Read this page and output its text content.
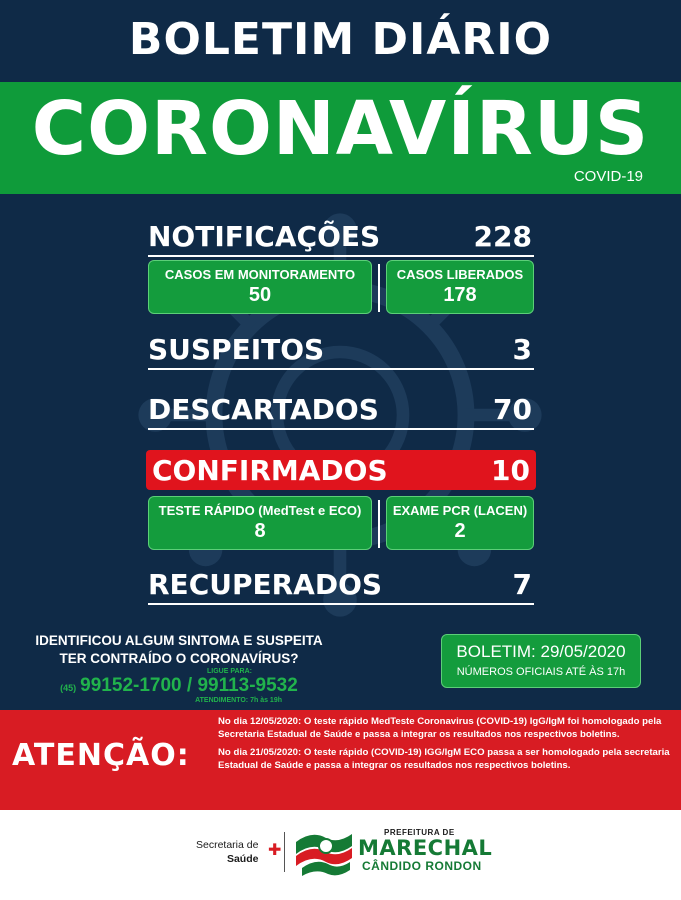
BOLETIM DIÁRIO
CORONAVÍRUS
COVID-19
NOTIFICAÇÕES	228
CASOS EM MONITORAMENTO
50
CASOS LIBERADOS
178
SUSPEITOS	3
DESCARTADOS	70
CONFIRMADOS	10
TESTE RÁPIDO (MedTest e ECO)
8
EXAME PCR (LACEN)
2
RECUPERADOS	7
IDENTIFICOU ALGUM SINTOMA E SUSPEITA
TER CONTRAÍDO O CORONAVÍRUS?
LIGUE PARA:
(45) 99152-1700 / 99113-9532
ATENDIMENTO: 7h às 19h
BOLETIM: 29/05/2020
NÚMEROS OFICIAIS ATÉ ÀS 17h
ATENÇÃO:

No dia 12/05/2020: O teste rápido MedTeste Coronavirus (COVID-19) IgG/IgM foi homologado pela Secretaria Estadual de Saúde e passa a integrar os resultados nos respectivos boletins.

No dia 21/05/2020: O teste rápido (COVID-19) IGG/IgM ECO passa a ser homologado pela secretaria Estadual de Saúde e passa a integrar os resultados nos respectivos boletins.

Secretaria de
Saúde ✚
PREFEITURA DE
MARECHAL
CÂNDIDO RONDON
